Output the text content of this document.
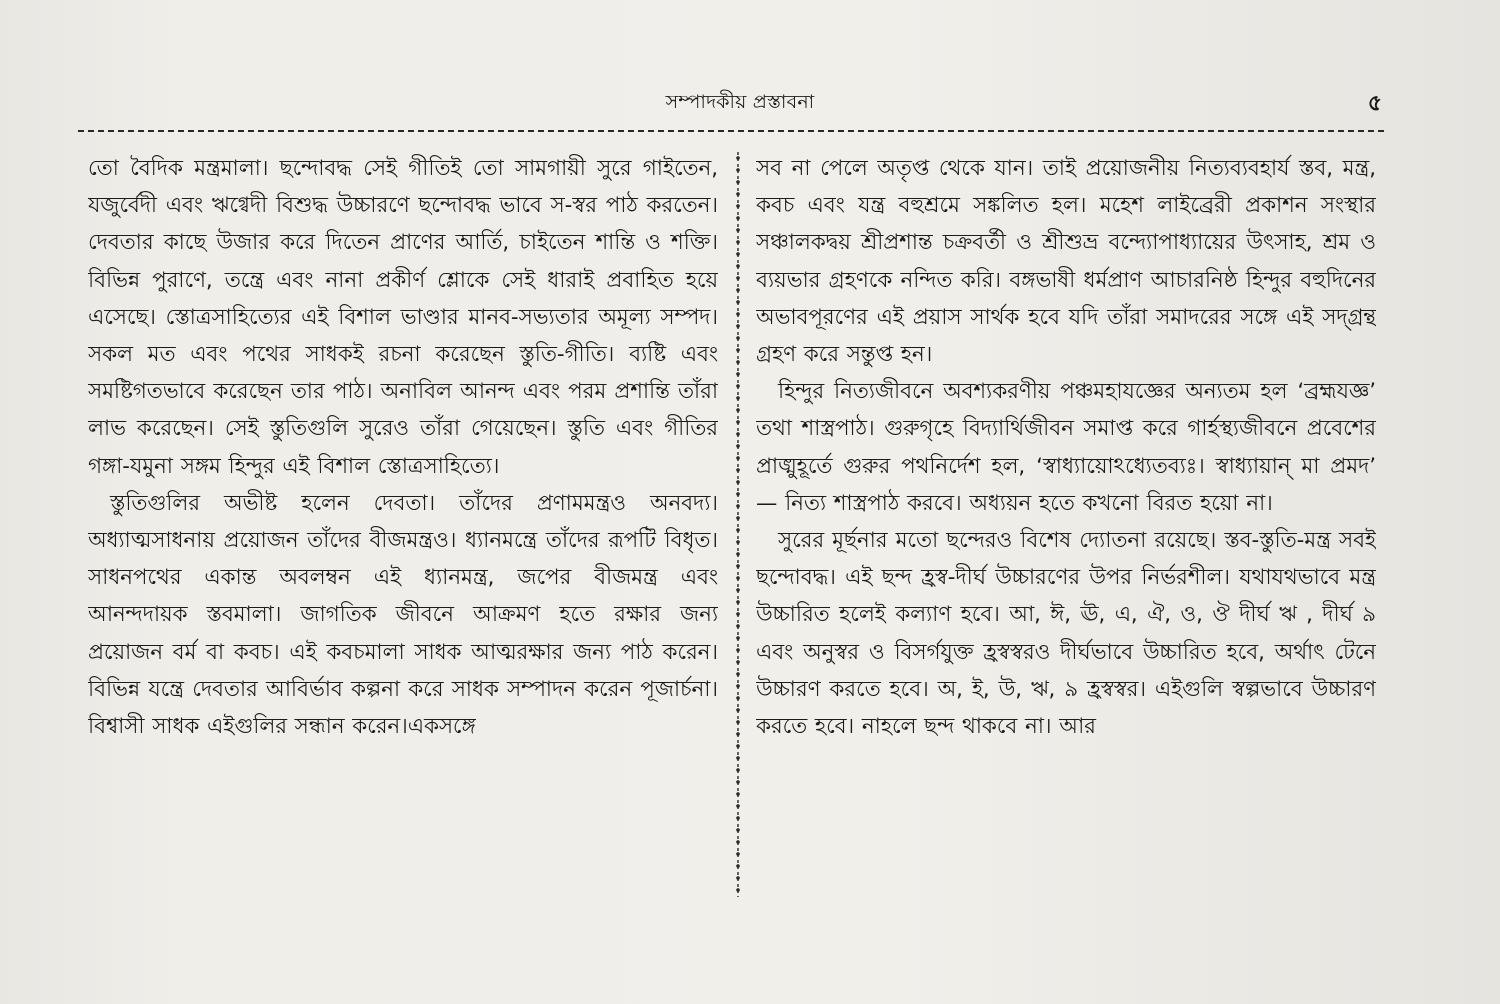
সম্পাদকীয় প্রস্তাবনা	৫

তো বৈদিক মন্ত্রমালা। ছন্দোবদ্ধ সেই গীতিই তো সামগায়ী সুরে গাইতেন, যজুর্বেদী এবং ঋগ্বেদী বিশুদ্ধ উচ্চারণে ছন্দোবদ্ধ ভাবে স-স্বর পাঠ করতেন। দেবতার কাছে উজার করে দিতেন প্রাণের আর্তি, চাইতেন শান্তি ও শক্তি। বিভিন্ন পুরাণে, তন্ত্রে এবং নানা প্রকীর্ণ শ্লোকে সেই ধারাই প্রবাহিত হয়ে এসেছে। স্তোত্রসাহিত্যের এই বিশাল ভাণ্ডার মানব-সভ্যতার অমূল্য সম্পদ। সকল মত এবং পথের সাধকই রচনা করেছেন স্তুতি-গীতি। ব্যষ্টি এবং সমষ্টিগতভাবে করেছেন তার পাঠ। অনাবিল আনন্দ এবং পরম প্রশান্তি তাঁরা লাভ করেছেন। সেই স্তুতিগুলি সুরেও তাঁরা গেয়েছেন। স্তুতি এবং গীতির গঙ্গা-যমুনা সঙ্গম হিন্দুর এই বিশাল স্তোত্রসাহিত্যে।

স্তুতিগুলির অভীষ্ট হলেন দেবতা। তাঁদের প্রণামমন্ত্রও অনবদ্য। অধ্যাত্মসাধনায় প্রয়োজন তাঁদের বীজমন্ত্রও। ধ্যানমন্ত্রে তাঁদের রূপটি বিধৃত। সাধনপথের একান্ত অবলম্বন এই ধ্যানমন্ত্র, জপের বীজমন্ত্র এবং আনন্দদায়ক স্তবমালা। জাগতিক জীবনে আক্রমণ হতে রক্ষার জন্য প্রয়োজন বর্ম বা কবচ। এই কবচমালা সাধক আত্মরক্ষার জন্য পাঠ করেন। বিভিন্ন যন্ত্রে দেবতার আবির্ভাব কল্পনা করে সাধক সম্পাদন করেন পূজার্চনা। বিশ্বাসী সাধক এইগুলির সন্ধান করেন।একসঙ্গে

সব না পেলে অতৃপ্ত থেকে যান। তাই প্রয়োজনীয় নিত্যব্যবহার্য স্তব, মন্ত্র, কবচ এবং যন্ত্র বহুশ্রমে সঙ্কলিত হল। মহেশ লাইব্রেরী প্রকাশন সংস্থার সঞ্চালকদ্বয় শ্রীপ্রশান্ত চক্রবর্তী ও শ্রীশুভ্র বন্দ্যোপাধ্যায়ের উৎসাহ, শ্রম ও ব্যয়ভার গ্রহণকে নন্দিত করি। বঙ্গভাষী ধর্মপ্রাণ আচারনিষ্ঠ হিন্দুর বহুদিনের অভাবপূরণের এই প্রয়াস সার্থক হবে যদি তাঁরা সমাদরের সঙ্গে এই সদ্গ্রন্থ গ্রহণ করে সন্তুপ্ত হন।

হিন্দুর নিত্যজীবনে অবশ্যকরণীয় পঞ্চমহাযজ্ঞের অন্যতম হল ‘ব্রহ্মযজ্ঞ’ তথা শাস্ত্রপাঠ। গুরুগৃহে বিদ্যার্থিজীবন সমাপ্ত করে গার্হস্থ্যজীবনে প্রবেশের প্রাঙ্মুহূর্তে গুরুর পথনির্দেশ হল, ‘স্বাধ্যায়োঽধ্যেতব্যঃ। স্বাধ্যায়ান্ মা প্রমদ’ — নিত্য শাস্ত্রপাঠ করবে। অধ্যয়ন হতে কখনো বিরত হয়ো না।

সুরের মূর্ছনার মতো ছন্দেরও বিশেষ দ্যোতনা রয়েছে। স্তব-স্তুতি-মন্ত্র সবই ছন্দোবদ্ধ। এই ছন্দ হ্রস্ব-দীর্ঘ উচ্চারণের উপর নির্ভরশীল। যথাযথভাবে মন্ত্র উচ্চারিত হলেই কল্যাণ হবে। আ, ঈ, ঊ, এ, ঐ, ও, ঔ দীর্ঘ ঋ , দীর্ঘ ৯ এবং অনুস্বর ও বিসর্গযুক্ত হ্রস্বস্বরও দীর্ঘভাবে উচ্চারিত হবে, অর্থাৎ টেনে উচ্চারণ করতে হবে। অ, ই, উ, ঋ, ৯ হ্রস্বস্বর। এইগুলি স্বল্পভাবে উচ্চারণ করতে হবে। নাহলে ছন্দ থাকবে না। আর
